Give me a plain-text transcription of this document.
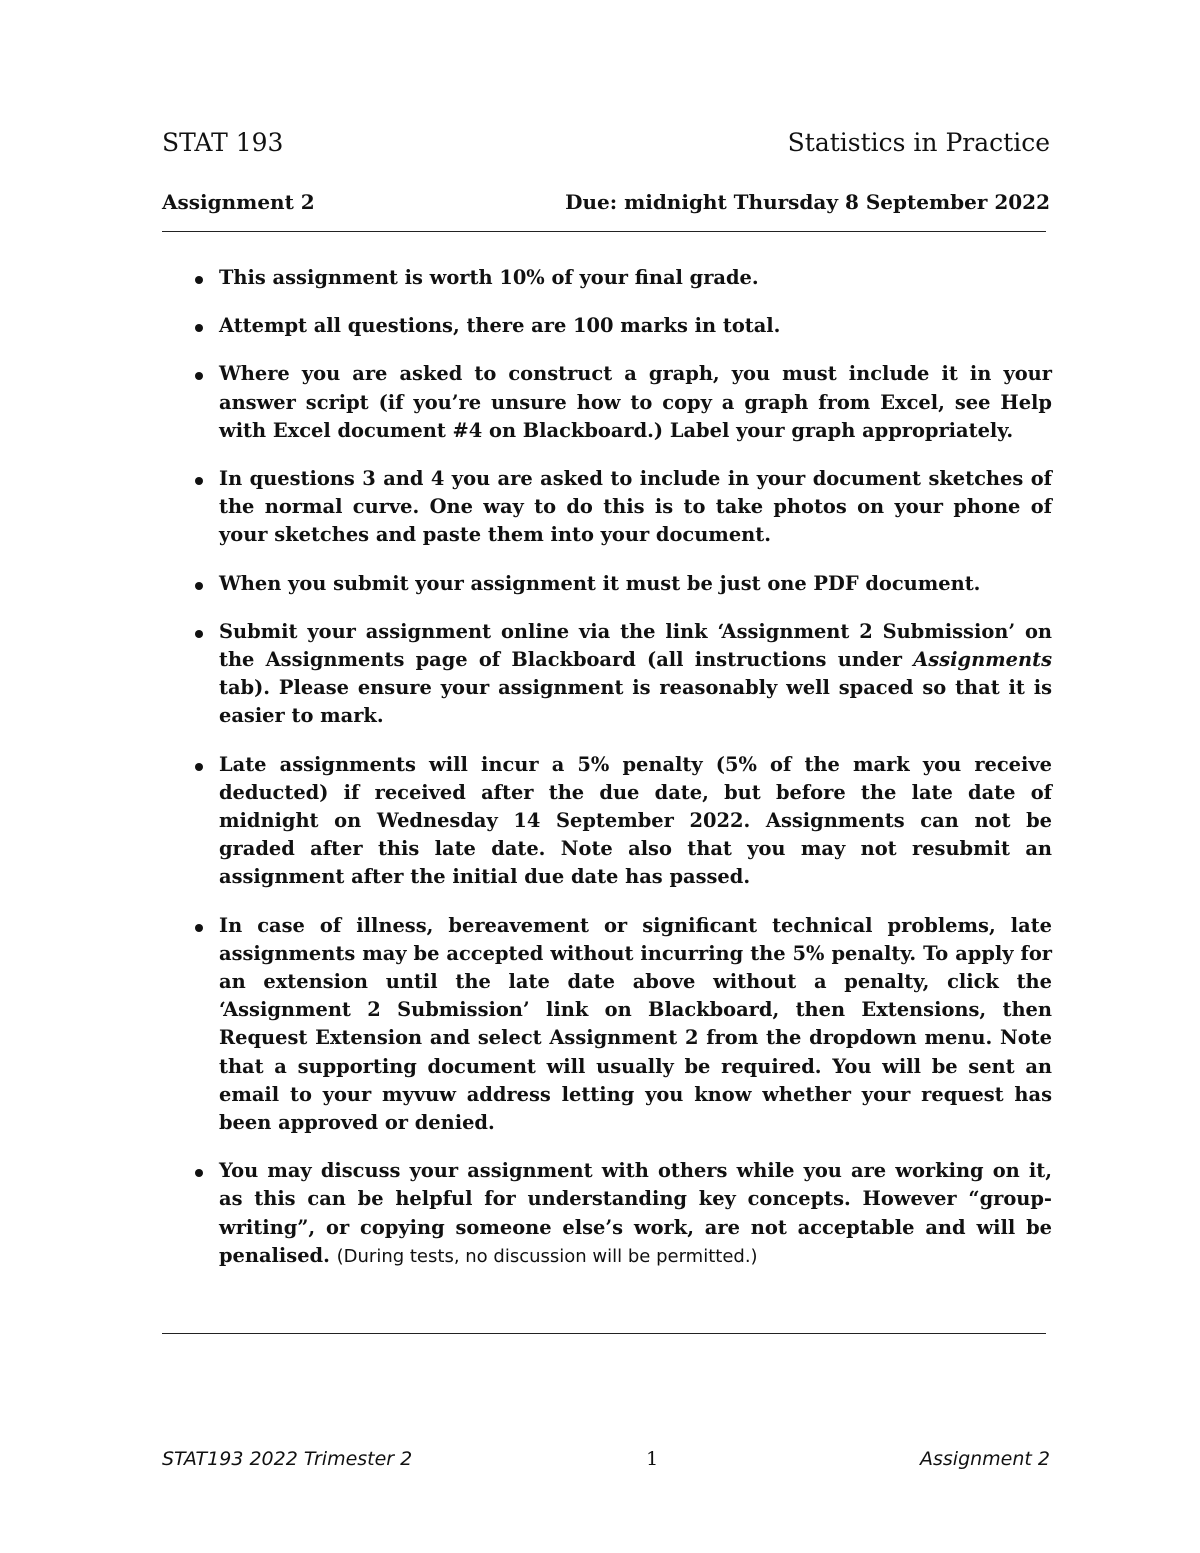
STAT 193	Statistics in Practice
Assignment 2	Due: midnight Thursday 8 September 2022
This assignment is worth 10% of your final grade.
Attempt all questions, there are 100 marks in total.
Where you are asked to construct a graph, you must include it in your answer script (if you’re unsure how to copy a graph from Excel, see Help with Excel document #4 on Blackboard.) Label your graph appropriately.
In questions 3 and 4 you are asked to include in your document sketches of the normal curve. One way to do this is to take photos on your phone of your sketches and paste them into your document.
When you submit your assignment it must be just one PDF document.
Submit your assignment online via the link ‘Assignment 2 Submission’ on the Assignments page of Blackboard (all instructions under Assignments tab). Please ensure your assignment is reasonably well spaced so that it is easier to mark.
Late assignments will incur a 5% penalty (5% of the mark you receive deducted) if received after the due date, but before the late date of midnight on Wednesday 14 September 2022. Assignments can not be graded after this late date. Note also that you may not resubmit an assignment after the initial due date has passed.
In case of illness, bereavement or significant technical problems, late assignments may be accepted without incurring the 5% penalty. To apply for an extension until the late date above without a penalty, click the ‘Assignment 2 Submission’ link on Blackboard, then Extensions, then Request Extension and select Assignment 2 from the dropdown menu. Note that a supporting document will usually be required. You will be sent an email to your myvuw address letting you know whether your request has been approved or denied.
You may discuss your assignment with others while you are working on it, as this can be helpful for understanding key concepts. However “group-writing”, or copying someone else’s work, are not acceptable and will be penalised. (During tests, no discussion will be permitted.)
STAT193 2022 Trimester 2	1	Assignment 2
